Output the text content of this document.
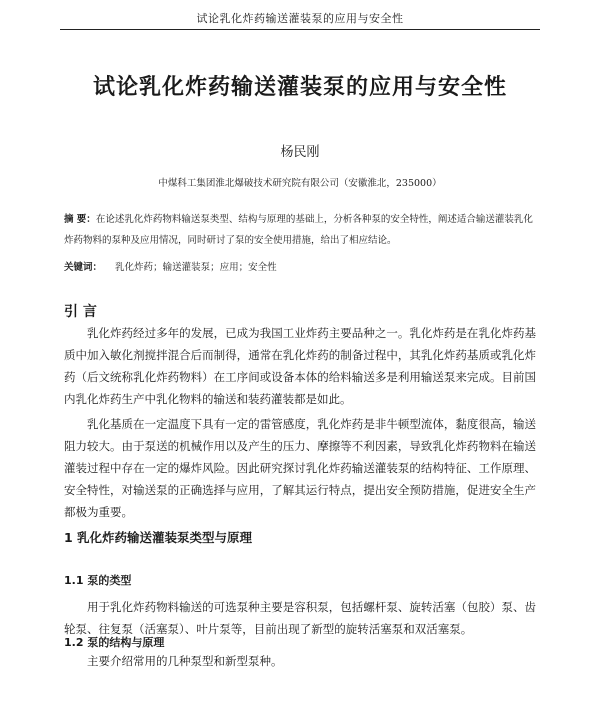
试论乳化炸药输送灌装泵的应用与安全性
试论乳化炸药输送灌装泵的应用与安全性
杨民刚
中煤科工集团淮北爆破技术研究院有限公司（安徽淮北，235000）
摘 要：在论述乳化炸药物料输送泵类型、结构与原理的基础上，分析各种泵的安全特性，阐述适合输送灌装乳化炸药物料的泵种及应用情况，同时研讨了泵的安全使用措施，给出了相应结论。
关键词： 乳化炸药；输送灌装泵；应用；安全性
引 言

乳化炸药经过多年的发展，已成为我国工业炸药主要品种之一。乳化炸药是在乳化炸药基质中加入敏化剂搅拌混合后而制得，通常在乳化炸药的制备过程中，其乳化炸药基质或乳化炸药（后文统称乳化炸药物料）在工序间或设备本体的给料输送多是利用输送泵来完成。目前国内乳化炸药生产中乳化物料的输送和装药灌装都是如此。

乳化基质在一定温度下具有一定的雷管感度，乳化炸药是非牛顿型流体，黏度很高，输送阻力较大。由于泵送的机械作用以及产生的压力、摩擦等不利因素，导致乳化炸药物料在输送灌装过程中存在一定的爆炸风险。因此研究探讨乳化炸药输送灌装泵的结构特征、工作原理、安全特性，对输送泵的正确选择与应用，了解其运行特点，提出安全预防措施，促进安全生产都极为重要。

1 乳化炸药输送灌装泵类型与原理
1.1 泵的类型

用于乳化炸药物料输送的可选泵种主要是容积泵，包括螺杆泵、旋转活塞（包胶）泵、齿轮泵、往复泵（活塞泵）、叶片泵等，目前出现了新型的旋转活塞泵和双活塞泵。

1.2 泵的结构与原理

主要介绍常用的几种泵型和新型泵种。
